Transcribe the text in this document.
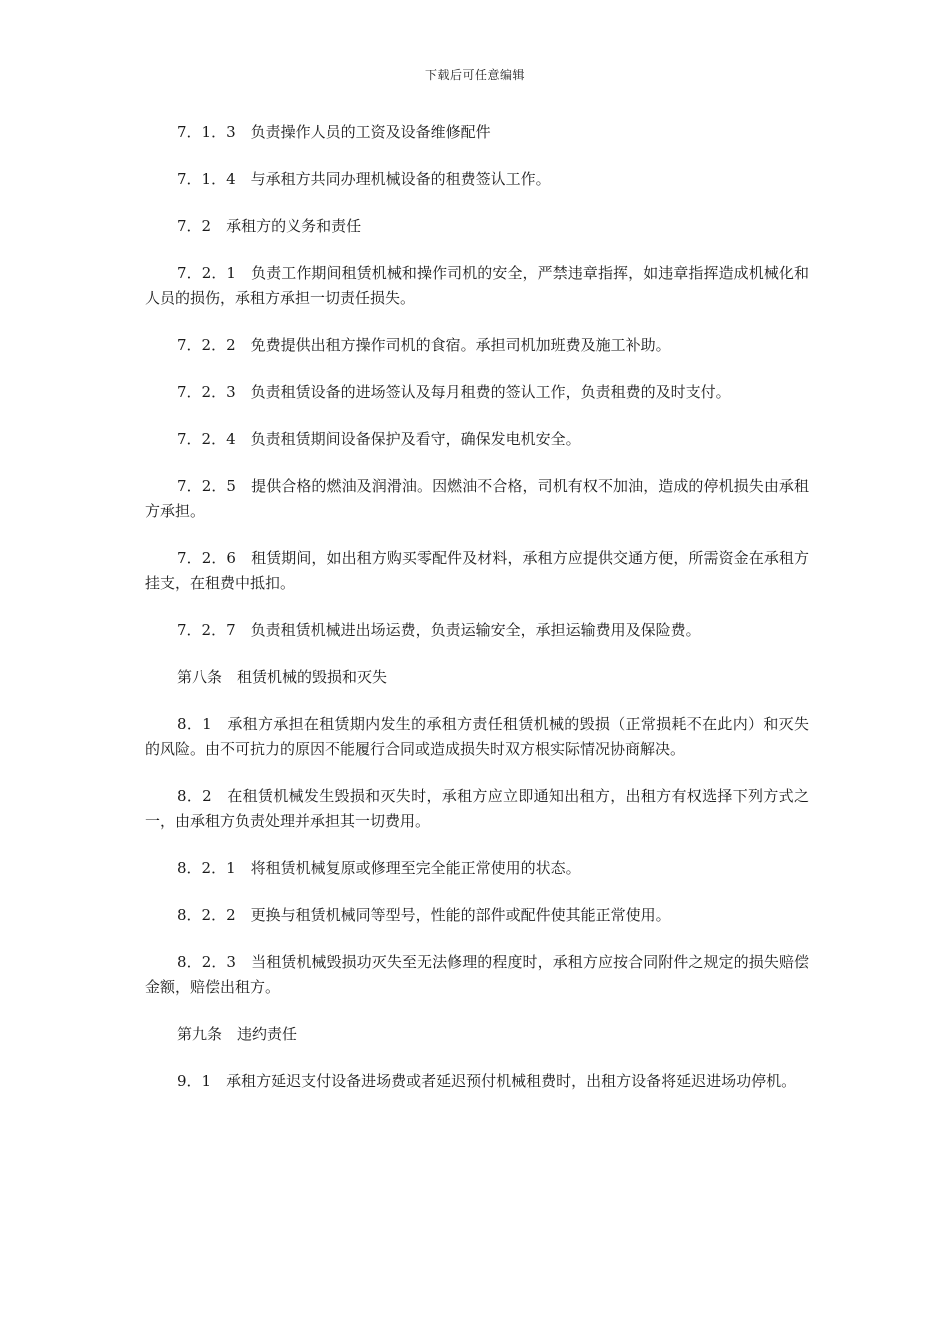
下载后可任意编辑

7．1．3　负责操作人员的工资及设备维修配件

7．1．4　与承租方共同办理机械设备的租费签认工作。

7．2　承租方的义务和责任

7．2．1　负责工作期间租赁机械和操作司机的安全，严禁违章指挥，如违章指挥造成机械化和人员的损伤，承租方承担一切责任损失。

7．2．2　免费提供出租方操作司机的食宿。承担司机加班费及施工补助。

7．2．3　负责租赁设备的进场签认及每月租费的签认工作，负责租费的及时支付。

7．2．4　负责租赁期间设备保护及看守，确保发电机安全。

7．2．5　提供合格的燃油及润滑油。因燃油不合格，司机有权不加油，造成的停机损失由承租方承担。

7．2．6　租赁期间，如出租方购买零配件及材料，承租方应提供交通方便，所需资金在承租方挂支，在租费中抵扣。

7．2．7　负责租赁机械进出场运费，负责运输安全，承担运输费用及保险费。

第八条　租赁机械的毁损和灭失

8．1　承租方承担在租赁期内发生的承租方责任租赁机械的毁损（正常损耗不在此内）和灭失的风险。由不可抗力的原因不能履行合同或造成损失时双方根实际情况协商解决。

8．2　在租赁机械发生毁损和灭失时，承租方应立即通知出租方，出租方有权选择下列方式之一，由承租方负责处理并承担其一切费用。

8．2．1　将租赁机械复原或修理至完全能正常使用的状态。

8．2．2　更换与租赁机械同等型号，性能的部件或配件使其能正常使用。

8．2．3　当租赁机械毁损功灭失至无法修理的程度时，承租方应按合同附件之规定的损失赔偿金额，赔偿出租方。

第九条　违约责任

9．1　承租方延迟支付设备进场费或者延迟预付机械租费时，出租方设备将延迟进场功停机。
